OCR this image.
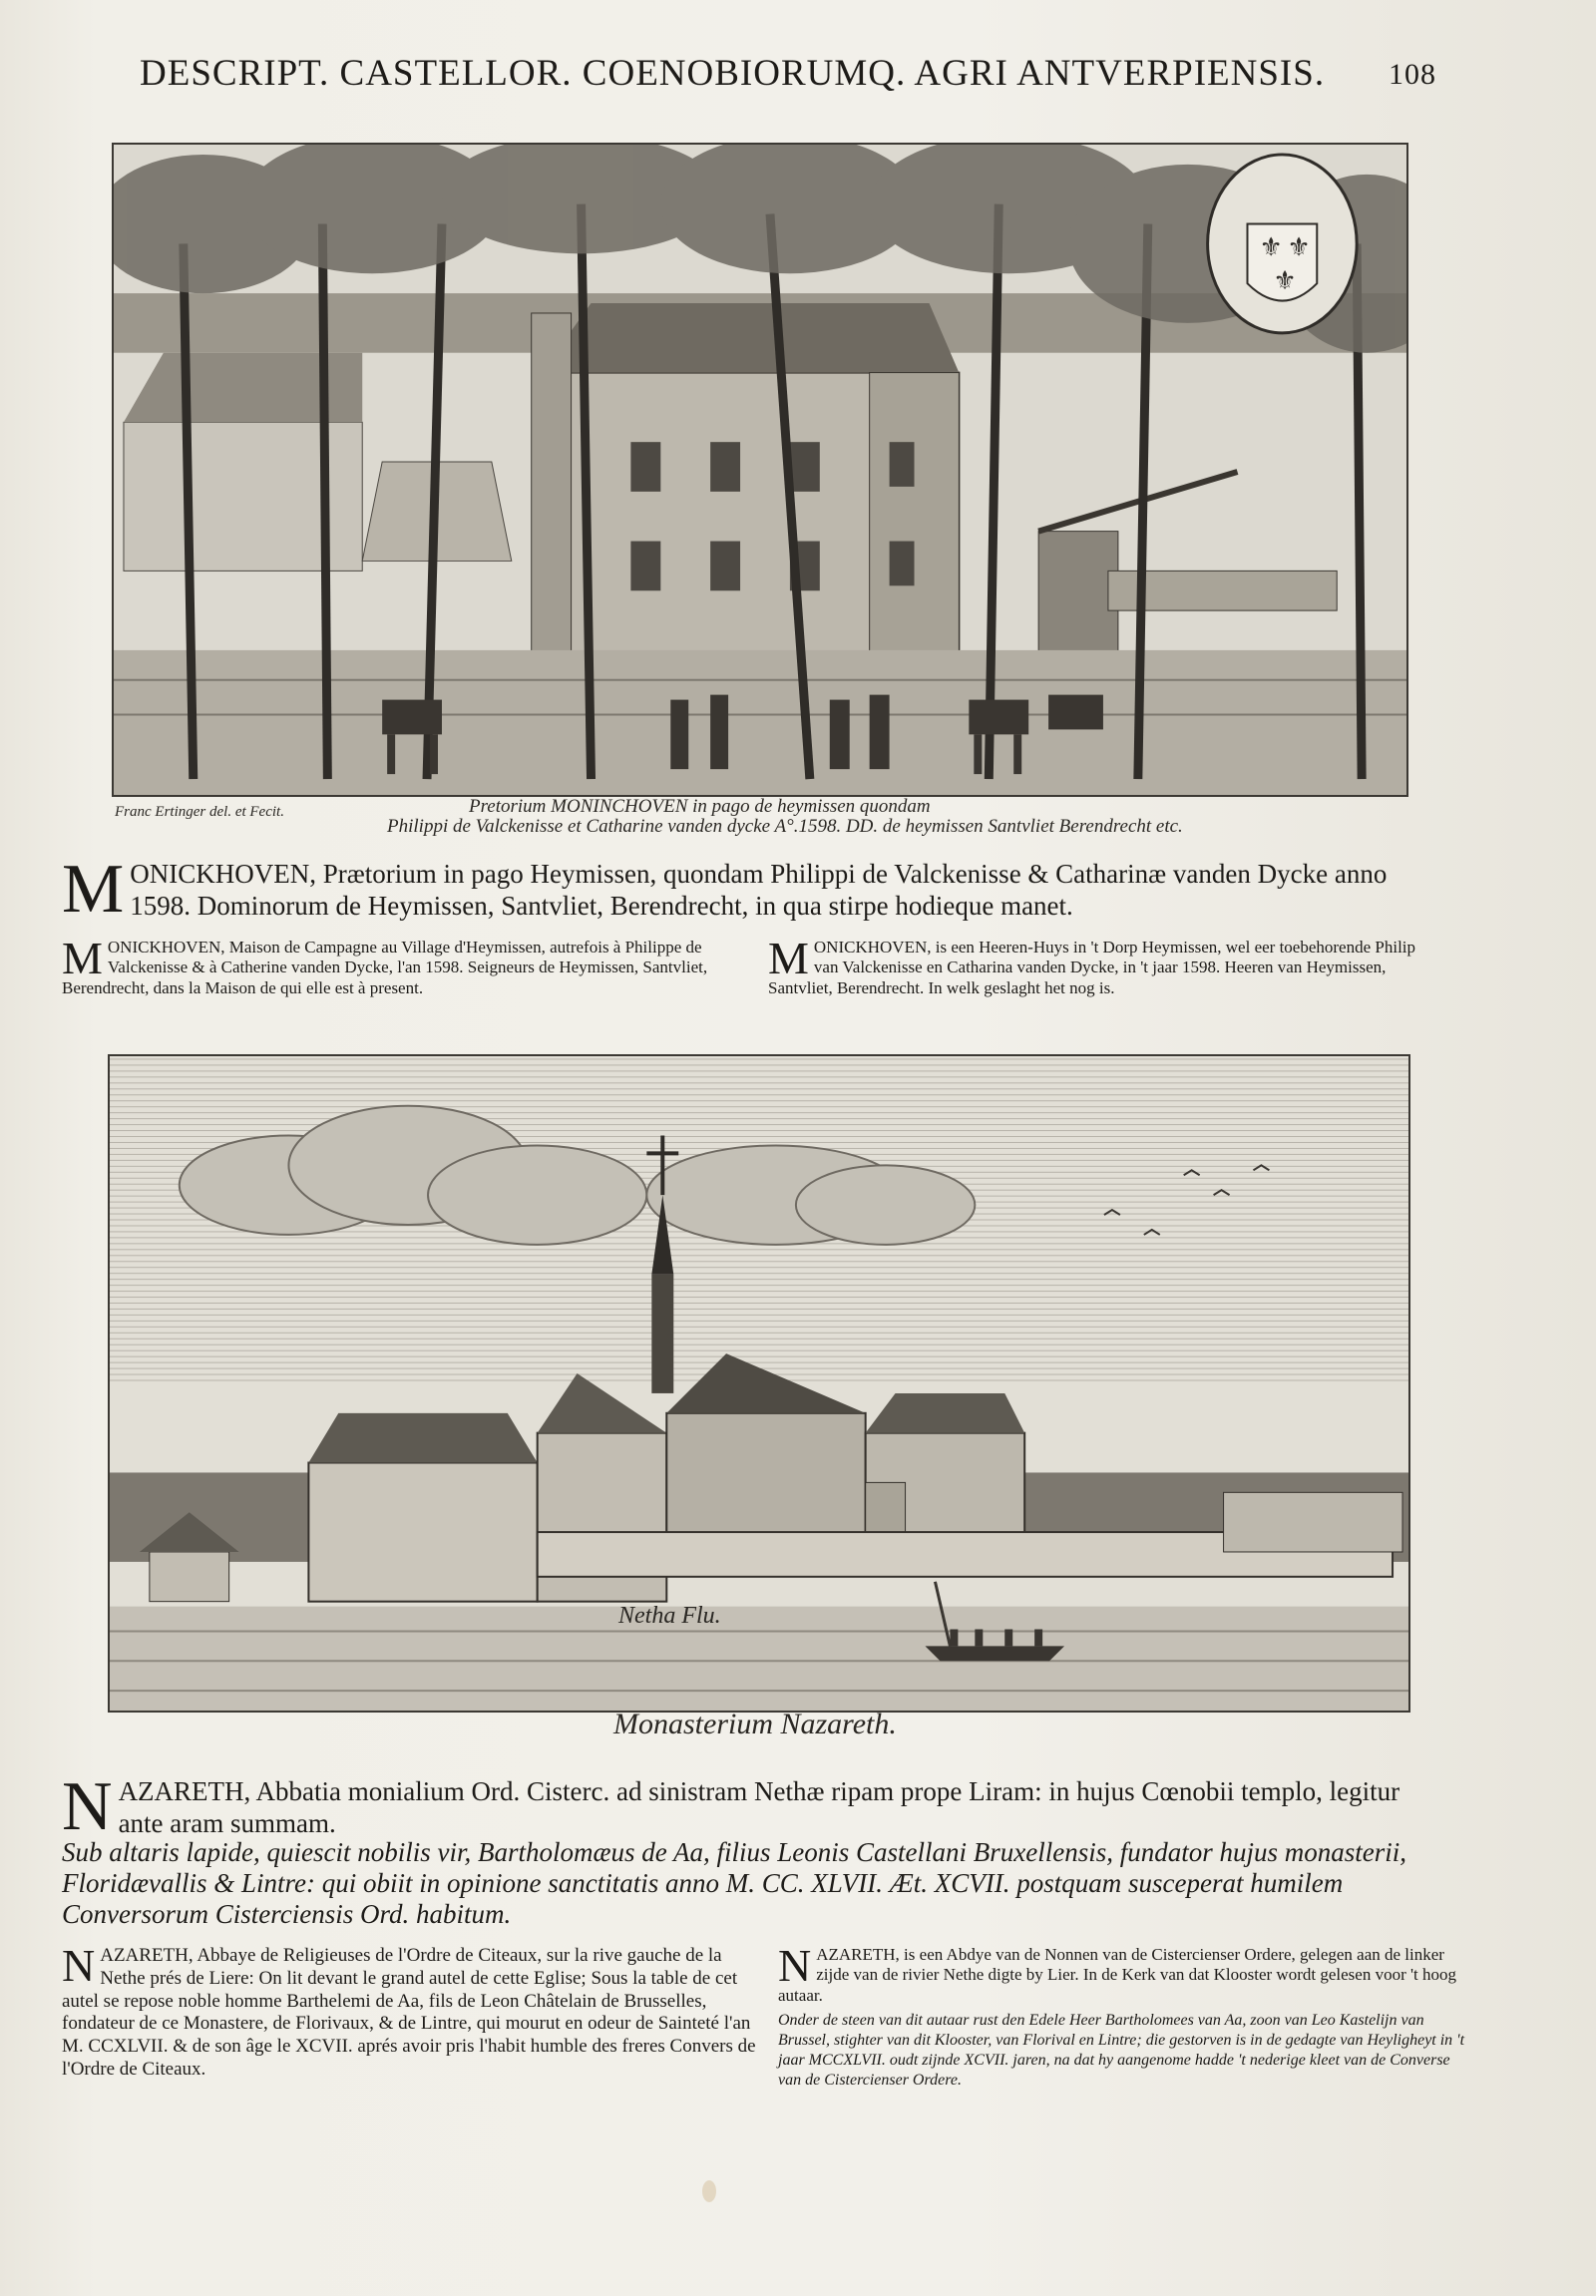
DESCRIPT. CASTELLOR. COENOBIORUMQ. AGRI ANTVERPIENSIS. 108
⚜ ⚜
⚜
Franc Ertinger del. et Fecit.	Pretorium MONINCHOVEN in pago de heymissen quondam
Philippi de Valckenisse et Catharine vanden dycke A°.1598. DD. de heymissen Santvliet Berendrecht etc.
MONICKHOVEN, Prætorium in pago Heymissen, quondam Philippi de Valckenisse & Catharinæ vanden Dycke anno 1598. Dominorum de Heymissen, Santvliet, Berendrecht, in qua stirpe hodieque manet.
MONICKHOVEN, Maison de Campagne au Village d'Heymissen, autrefois à Philippe de Valckenisse & à Catherine vanden Dycke, l'an 1598. Seigneurs de Heymissen, Santvliet, Berendrecht, dans la Maison de qui elle est à present.
MONICKHOVEN, is een Heeren-Huys in 't Dorp Heymissen, wel eer toebehorende Philip van Valckenisse en Catharina vanden Dycke, in 't jaar 1598. Heeren van Heymissen, Santvliet, Berendrecht. In welk geslaght het nog is.
Netha Flu.
Monasterium Nazareth.
NAZARETH, Abbatia monialium Ord. Cisterc. ad sinistram Nethæ ripam prope Liram: in hujus Cœnobii templo, legitur ante aram summam.
Sub altaris lapide, quiescit nobilis vir, Bartholomæus de Aa, filius Leonis Castellani Bruxellensis, fundator hujus monasterii, Floridævallis & Lintre: qui obiit in opinione sanctitatis anno M. CC. XLVII. Æt. XCVII. postquam susceperat humilem Conversorum Cisterciensis Ord. habitum.
NAZARETH, Abbaye de Religieuses de l'Ordre de Citeaux, sur la rive gauche de la Nethe prés de Liere: On lit devant le grand autel de cette Eglise; Sous la table de cet autel se repose noble homme Barthelemi de Aa, fils de Leon Châtelain de Brusselles, fondateur de ce Monastere, de Florivaux, & de Lintre, qui mourut en odeur de Sainteté l'an M. CCXLVII. & de son âge le XCVII. aprés avoir pris l'habit humble des freres Convers de l'Ordre de Citeaux.
NAZARETH, is een Abdye van de Nonnen van de Cistercienser Ordere, gelegen aan de linker zijde van de rivier Nethe digte by Lier. In de Kerk van dat Klooster wordt gelesen voor 't hoog autaar.
Onder de steen van dit autaar rust den Edele Heer Bartholomees van Aa, zoon van Leo Kastelijn van Brussel, stighter van dit Klooster, van Florival en Lintre; die gestorven is in de gedagte van Heyligheyt in 't jaar MCCXLVII. oudt zijnde XCVII. jaren, na dat hy aangenome hadde 't nederige kleet van de Converse van de Cistercienser Ordere.
